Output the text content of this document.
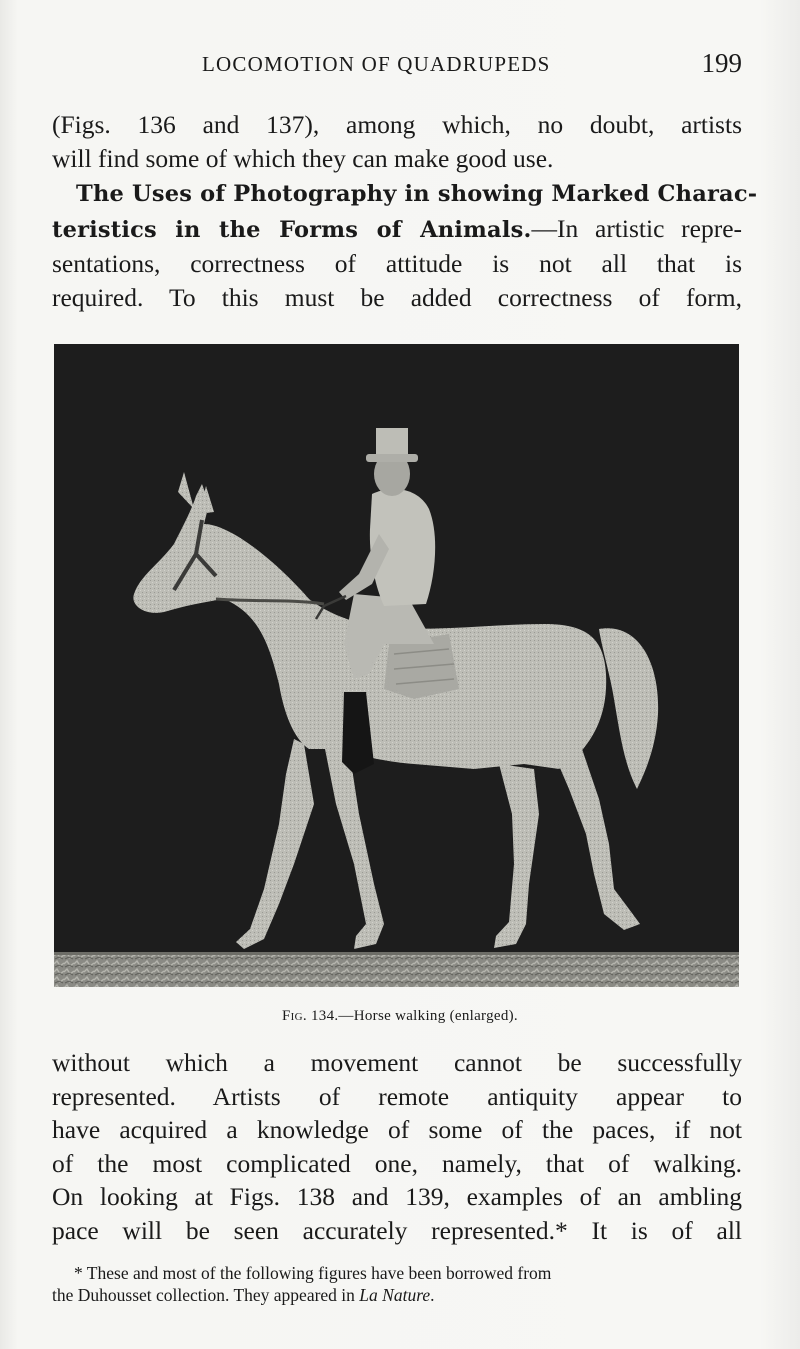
LOCOMOTION OF QUADRUPEDS	199
(Figs. 136 and 137), among which, no doubt, artists
will find some of which they can make good use.
The Uses of Photography in showing Marked Charac-
teristics in the Forms of Animals.—In artistic repre-
sentations, correctness of attitude is not all that is
required. To this must be added correctness of form,
Fig. 134.—Horse walking (enlarged).
without which a movement cannot be successfully
represented. Artists of remote antiquity appear to
have acquired a knowledge of some of the paces, if not
of the most complicated one, namely, that of walking.
On looking at Figs. 138 and 139, examples of an ambling
pace will be seen accurately represented.* It is of all
* These and most of the following figures have been borrowed from
the Duhousset collection. They appeared in La Nature.
